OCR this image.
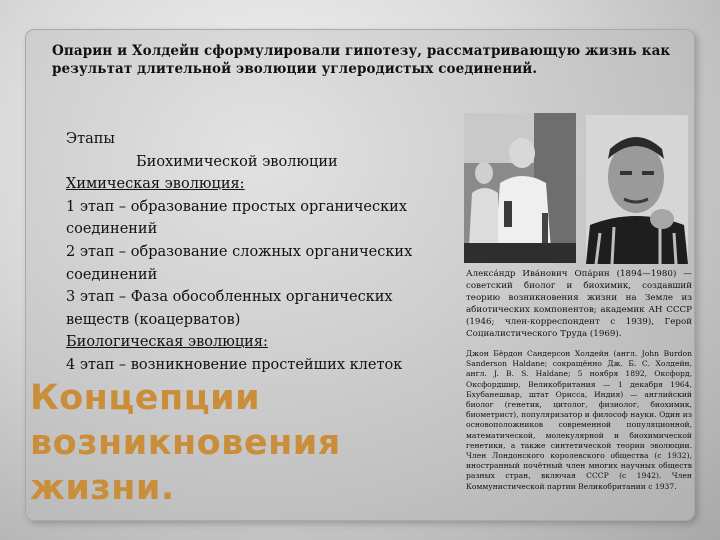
Опарин и Холдейн сформулировали гипотезу, рассматривающую жизнь как результат длительной эволюции углеродистых соединений.
Этапы
Биохимической эволюции
Химическая эволюция:
1 этап – образование простых органических
соединений
2 этап – образование сложных органических
соединений
3 этап – Фаза обособленных органических
веществ (коацерватов)
Биологическая эволюция:
4 этап – возникновение простейших клеток
Концепции
возникновения
жизни.
Алекса́ндр Ива́нович Опа́рин (1894—1980) — советский биолог и биохимик, создавший теорию возникновения жизни на Земле из абиотических компонентов; академик АН СССР (1946; член-корреспондент с 1939), Герой Социалистического Труда (1969).
Джон Бёрдон Сандерсон Холдейн (англ. John Burdon Sanderson Haldane; сокращённо Дж. Б. С. Холдейн, англ. J. B. S. Haldane; 5 ноября 1892, Оксфорд, Оксфордшир, Великобритания — 1 декабря 1964, Бхубанешвар, штат Орисса, Индия) — английский биолог (генетик, цитолог, физиолог, биохимик, биометрист), популяризатор и философ науки. Один из основоположников современной популяционной, математической, молекулярной и биохимической генетики, а также синтетической теории эволюции. Член Лондонского королевского общества (с 1932), иностранный почётный член многих научных обществ разных стран, включая СССР (с 1942). Член Коммунистической партии Великобритании с 1937.
